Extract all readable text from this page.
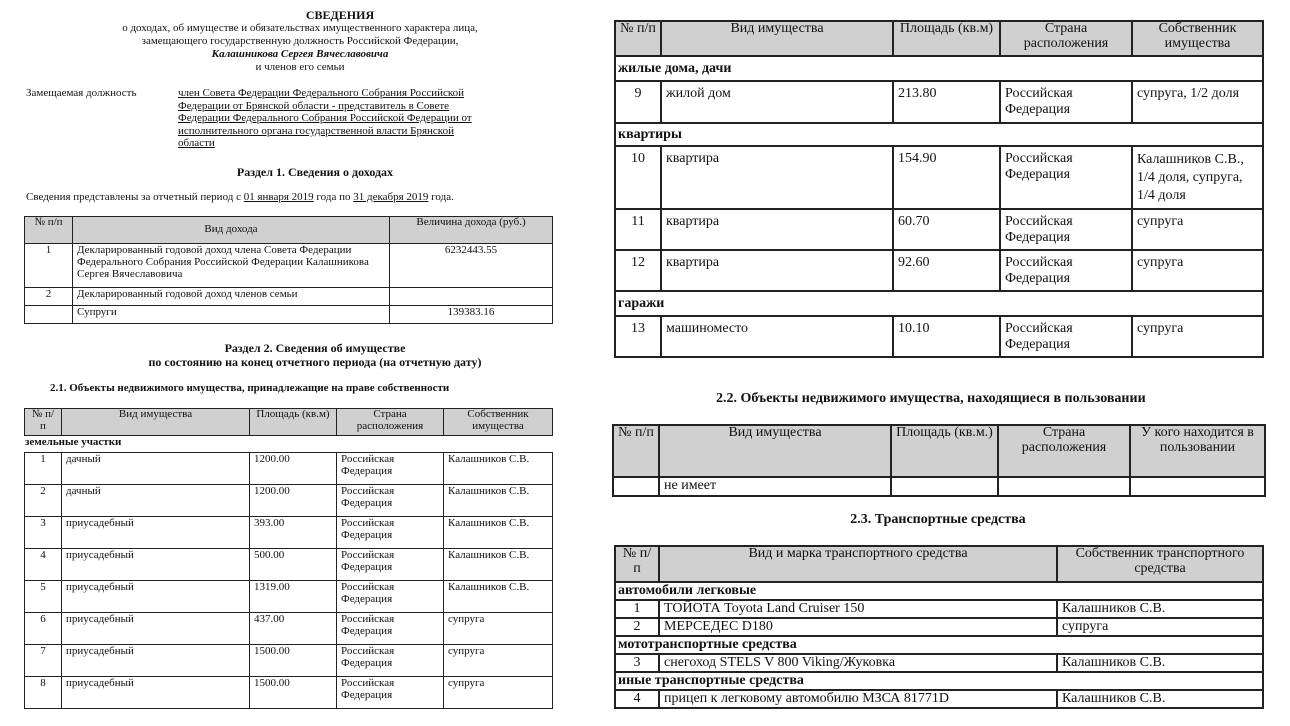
СВЕДЕНИЯ
о доходах, об имуществе и обязательствах имущественного характера лица,
замещающего государственную должность Российской Федерации,
Калашникова Сергея Вячеславовича
и членов его семьи
Замещаемая должность	член Совета Федерации Федерального Собрания Российской
Федерации от Брянской области - представитель в Совете
Федерации Федерального Собрания Российской Федерации от
исполнительного органа государственной власти Брянской
области
Раздел 1. Сведения о доходах
Сведения представлены за отчетный период с 01 января 2019 года по 31 декабря 2019 года.
№ п/п	Вид дохода	Величина дохода (руб.)
1	Декларированный годовой доход члена Совета Федерации Федерального Собрания Российской Федерации Калашникова Сергея Вячеславовича	6232443.55
2	Декларированный годовой доход членов семьи	
	Супруги	139383.16
Раздел 2. Сведения об имуществе
по состоянию на конец отчетного периода (на отчетную дату)
2.1. Объекты недвижимого имущества, принадлежащие на праве собственности
№ п/п	Вид имущества	Площадь (кв.м)	Страна расположения	Собственник имущества
земельные участки				
1	дачный	1200.00	Российская Федерация	Калашников С.В.
2	дачный	1200.00	Российская Федерация	Калашников С.В.
3	приусадебный	393.00	Российская Федерация	Калашников С.В.
4	приусадебный	500.00	Российская Федерация	Калашников С.В.
5	приусадебный	1319.00	Российская Федерация	Калашников С.В.
6	приусадебный	437.00	Российская Федерация	супруга
7	приусадебный	1500.00	Российская Федерация	супруга
8	приусадебный	1500.00	Российская Федерация	супруга
№ п/п	Вид имущества	Площадь (кв.м)	Страна расположения	Собственник имущества
жилые дома, дачи				
9	жилой дом	213.80	Российская Федерация	супруга, 1/2 доля
квартиры				
10	квартира	154.90	Российская Федерация	Калашников С.В., 1/4 доля, супруга, 1/4 доля
11	квартира	60.70	Российская Федерация	супруга
12	квартира	92.60	Российская Федерация	супруга
гаражи				
13	машиноместо	10.10	Российская Федерация	супруга
2.2. Объекты недвижимого имущества, находящиеся в пользовании
№ п/п	Вид имущества	Площадь (кв.м.)	Страна расположения	У кого находится в пользовании
	не имеет			
2.3. Транспортные средства
№ п/п	Вид и марка транспортного средства	Собственник транспортного средства
автомобили легковые		
1	ТОЙОТА Toyota Land Cruiser 150	Калашников С.В.
2	МЕРСЕДЕС D180	супруга
мототранспортные средства		
3	снегоход STELS V 800 Viking/Жуковка	Калашников С.В.
иные транспортные средства		
4	прицеп к легковому автомобилю МЗСА 81771D	Калашников С.В.
